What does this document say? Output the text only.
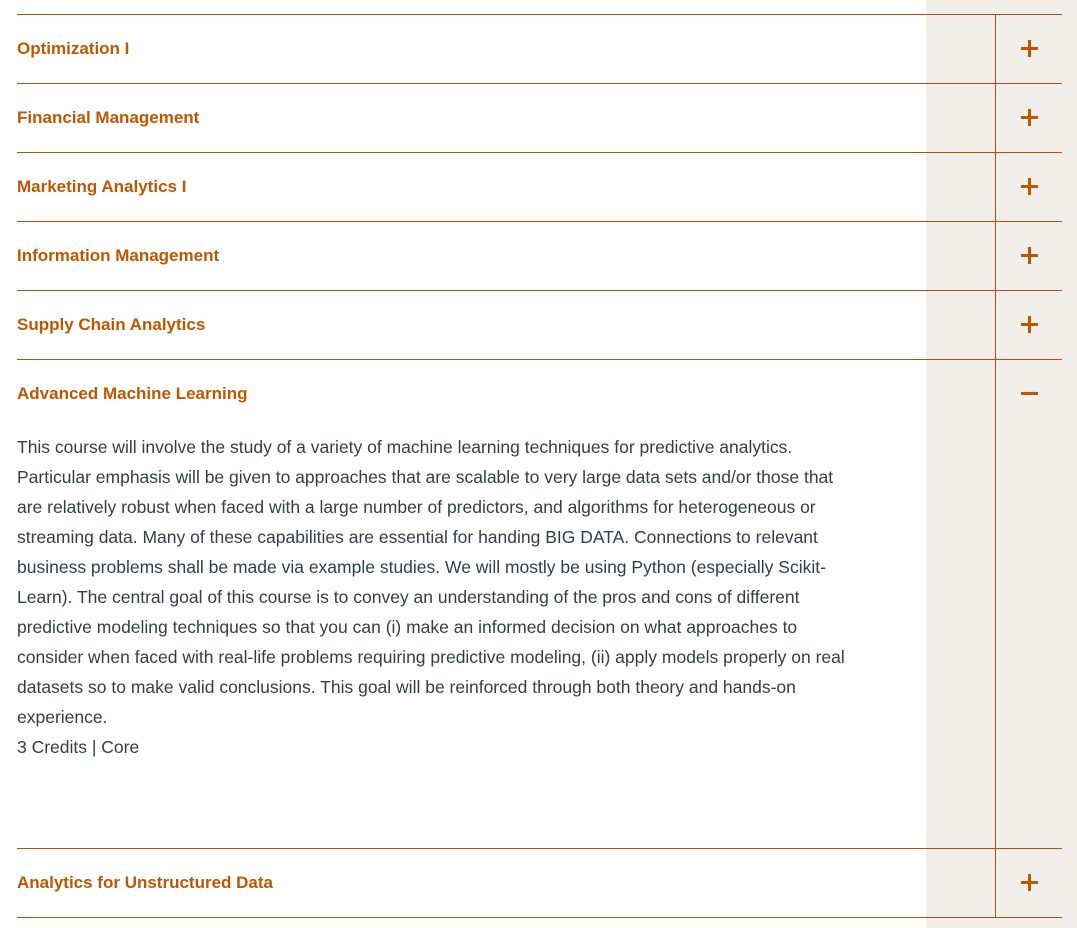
Optimization I
Financial Management
Marketing Analytics I
Information Management
Supply Chain Analytics
Advanced Machine Learning

This course will involve the study of a variety of machine learning techniques for predictive analytics. Particular emphasis will be given to approaches that are scalable to very large data sets and/or those that are relatively robust when faced with a large number of predictors, and algorithms for heterogeneous or streaming data. Many of these capabilities are essential for handing BIG DATA. Connections to relevant business problems shall be made via example studies. We will mostly be using Python (especially Scikit-Learn). The central goal of this course is to convey an understanding of the pros and cons of different predictive modeling techniques so that you can (i) make an informed decision on what approaches to consider when faced with real-life problems requiring predictive modeling, (ii) apply models properly on real datasets so to make valid conclusions. This goal will be reinforced through both theory and hands-on experience.

3 Credits | Core
Analytics for Unstructured Data
